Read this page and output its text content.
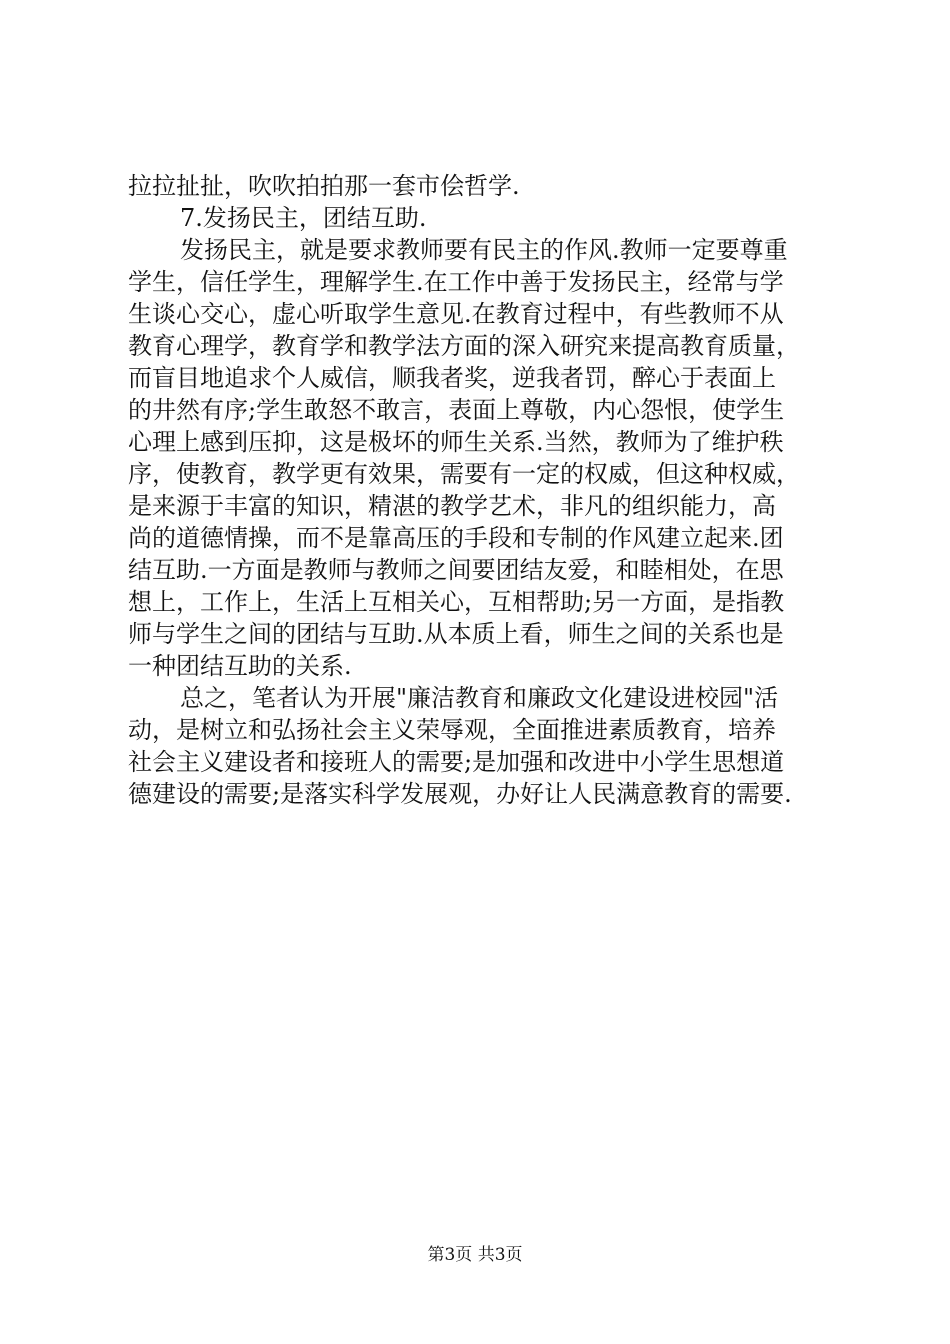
拉拉扯扯，吹吹拍拍那一套市侩哲学.
7.发扬民主，团结互助.
发扬民主，就是要求教师要有民主的作风.教师一定要尊重
学生，信任学生，理解学生.在工作中善于发扬民主，经常与学
生谈心交心，虚心听取学生意见.在教育过程中，有些教师不从
教育心理学，教育学和教学法方面的深入研究来提高教育质量，
而盲目地追求个人威信，顺我者奖，逆我者罚，醉心于表面上
的井然有序;学生敢怒不敢言，表面上尊敬，内心怨恨，使学生
心理上感到压抑，这是极坏的师生关系.当然，教师为了维护秩
序，使教育，教学更有效果，需要有一定的权威，但这种权威，
是来源于丰富的知识，精湛的教学艺术，非凡的组织能力，高
尚的道德情操，而不是靠高压的手段和专制的作风建立起来.团
结互助.一方面是教师与教师之间要团结友爱，和睦相处，在思
想上，工作上，生活上互相关心，互相帮助;另一方面，是指教
师与学生之间的团结与互助.从本质上看，师生之间的关系也是
一种团结互助的关系.
总之，笔者认为开展"廉洁教育和廉政文化建设进校园"活
动，是树立和弘扬社会主义荣辱观，全面推进素质教育，培养
社会主义建设者和接班人的需要;是加强和改进中小学生思想道
德建设的需要;是落实科学发展观，办好让人民满意教育的需要.
第3页 共3页
